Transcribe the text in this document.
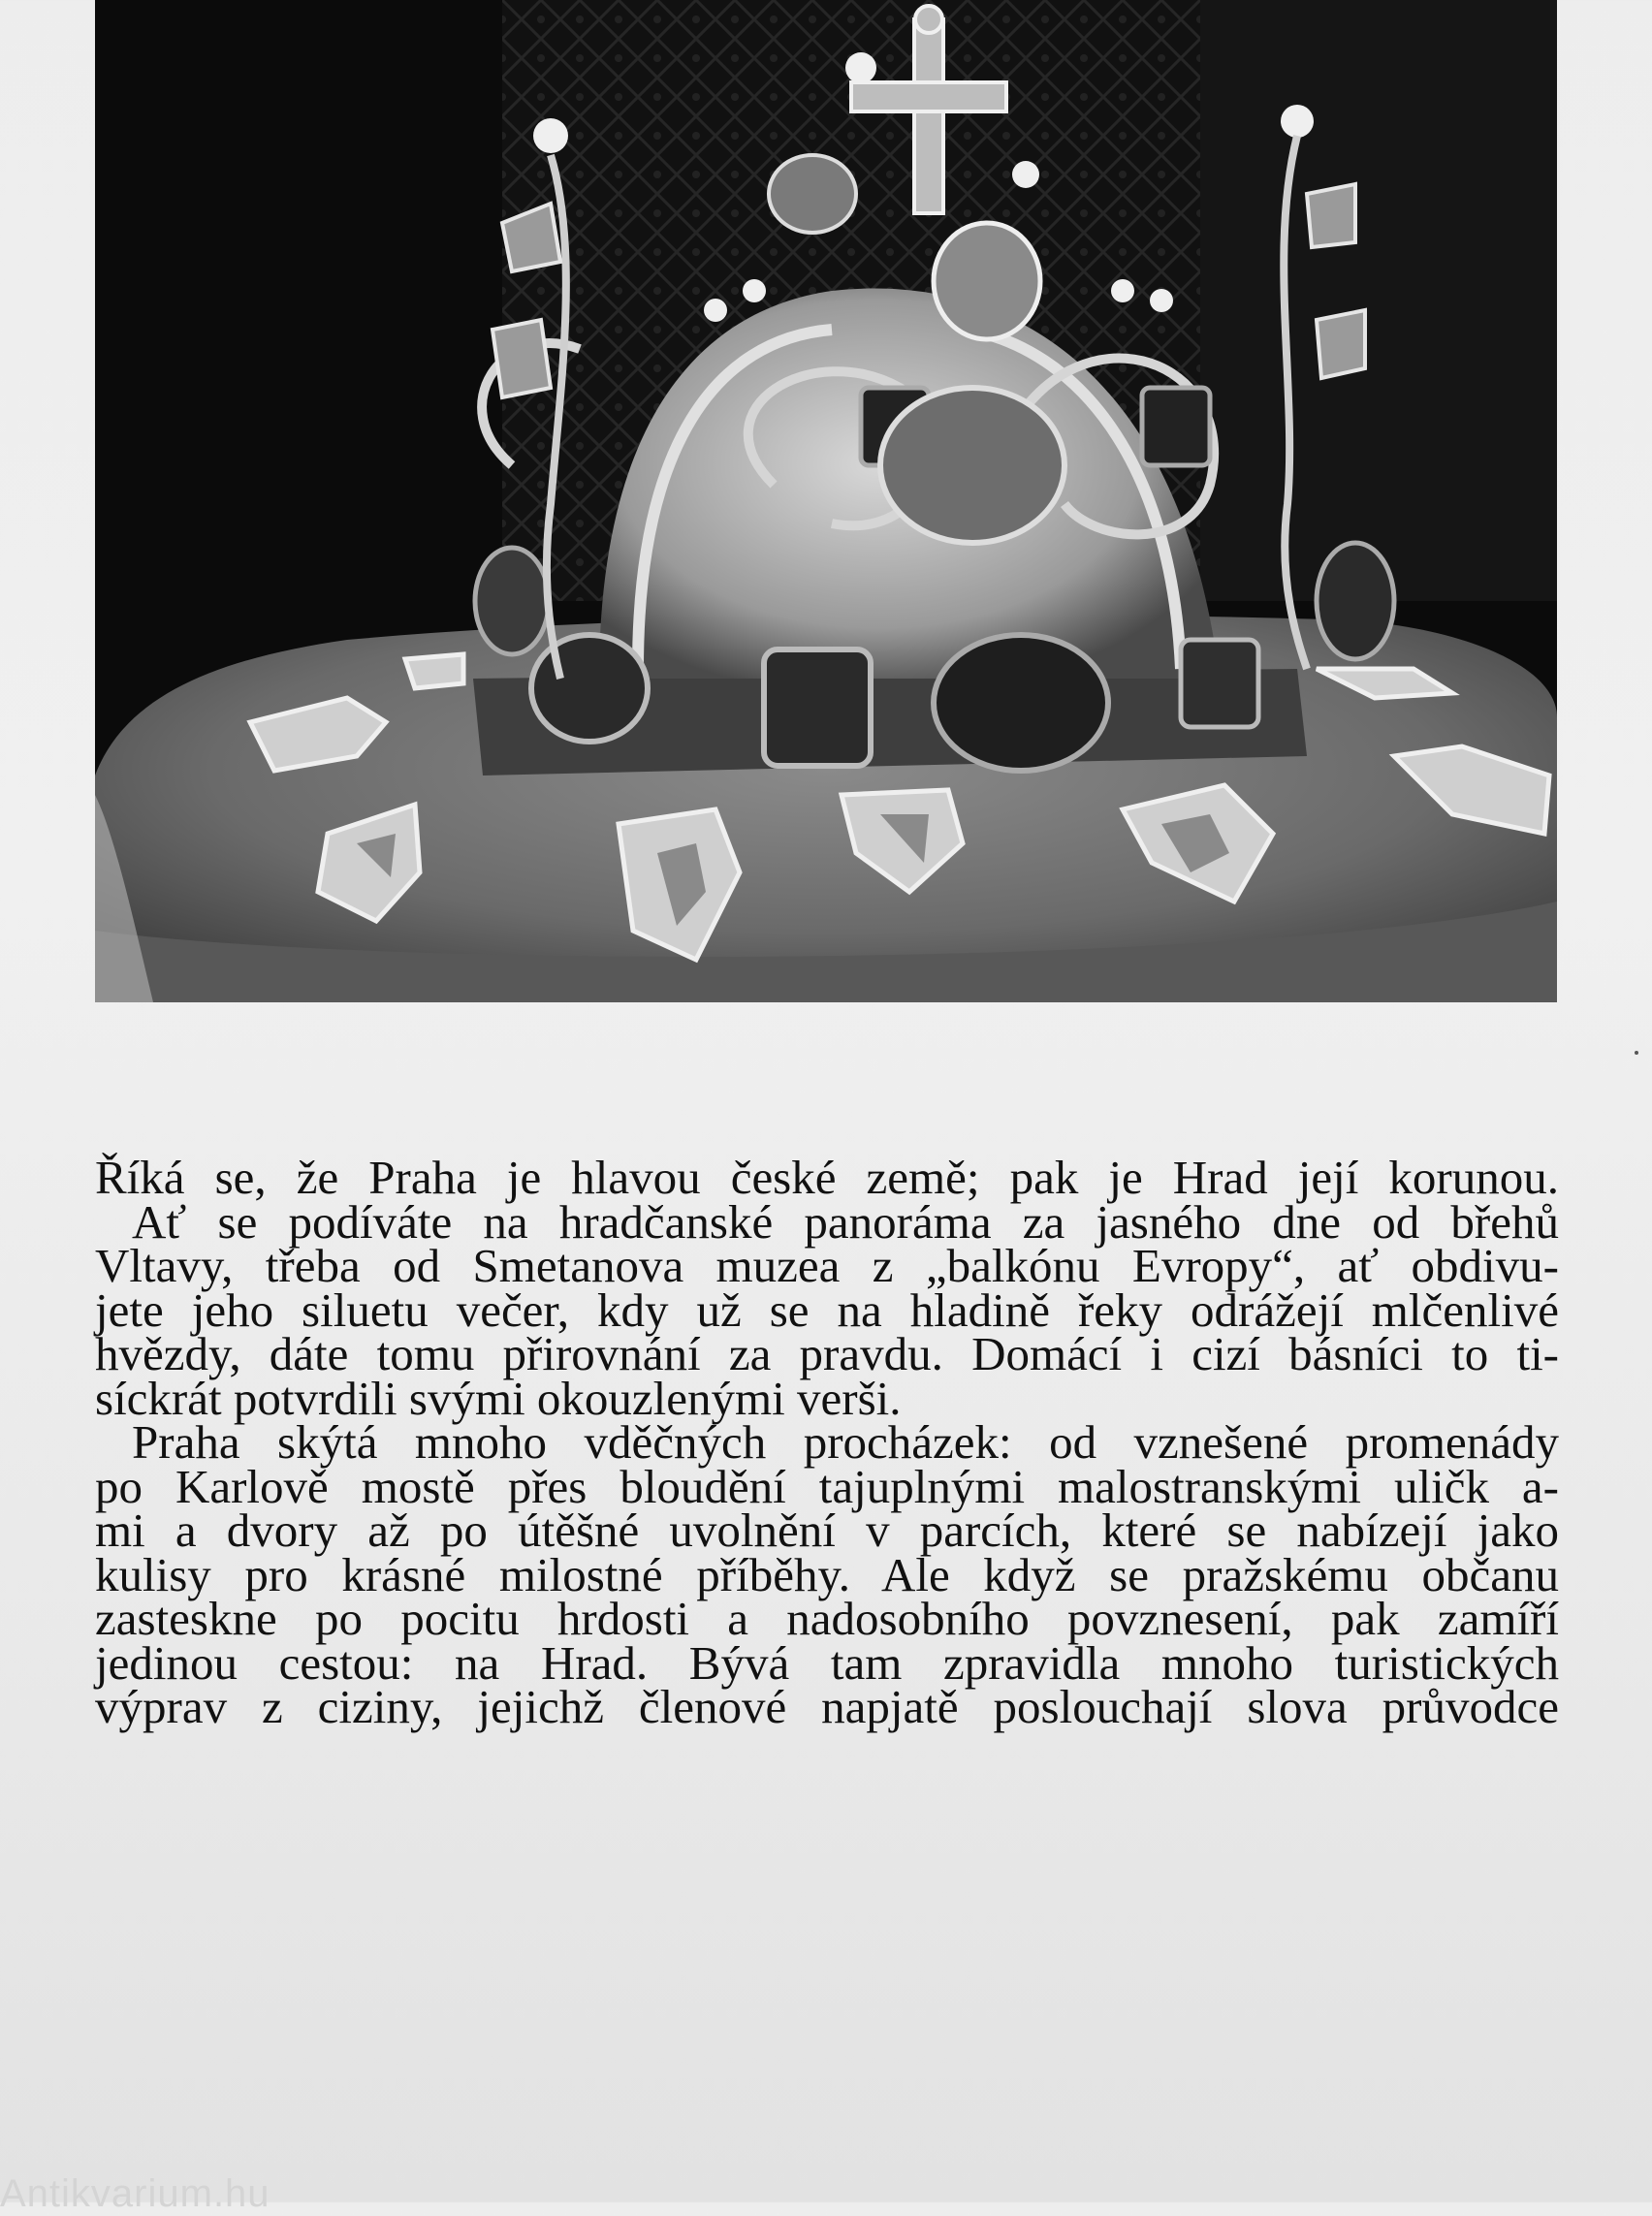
Říká se, že Praha je hlavou české země; pak je Hrad její korunou.
Ať se podíváte na hradčanské panoráma za jasného dne od břehů
Vltavy, třeba od Smetanova muzea z „balkónu Evropy“, ať obdivu-
jete jeho siluetu večer, kdy už se na hladině řeky odrážejí mlčenlivé
hvězdy, dáte tomu přirovnání za pravdu. Domácí i cizí básníci to ti-
síckrát potvrdili svými okouzlenými verši.
Praha skýtá mnoho vděčných procházek: od vznešené promenády
po Karlově mostě přes bloudění tajuplnými malostranskými uličk a-
mi a dvory až po útěšné uvolnění v parcích, které se nabízejí jako
kulisy pro krásné milostné příběhy. Ale když se pražskému občanu
zasteskne po pocitu hrdosti a nadosobního povznesení, pak zamíří
jedinou cestou: na Hrad. Bývá tam zpravidla mnoho turistických
výprav z ciziny, jejichž členové napjatě poslouchají slova průvodce
Antikvarium.hu
